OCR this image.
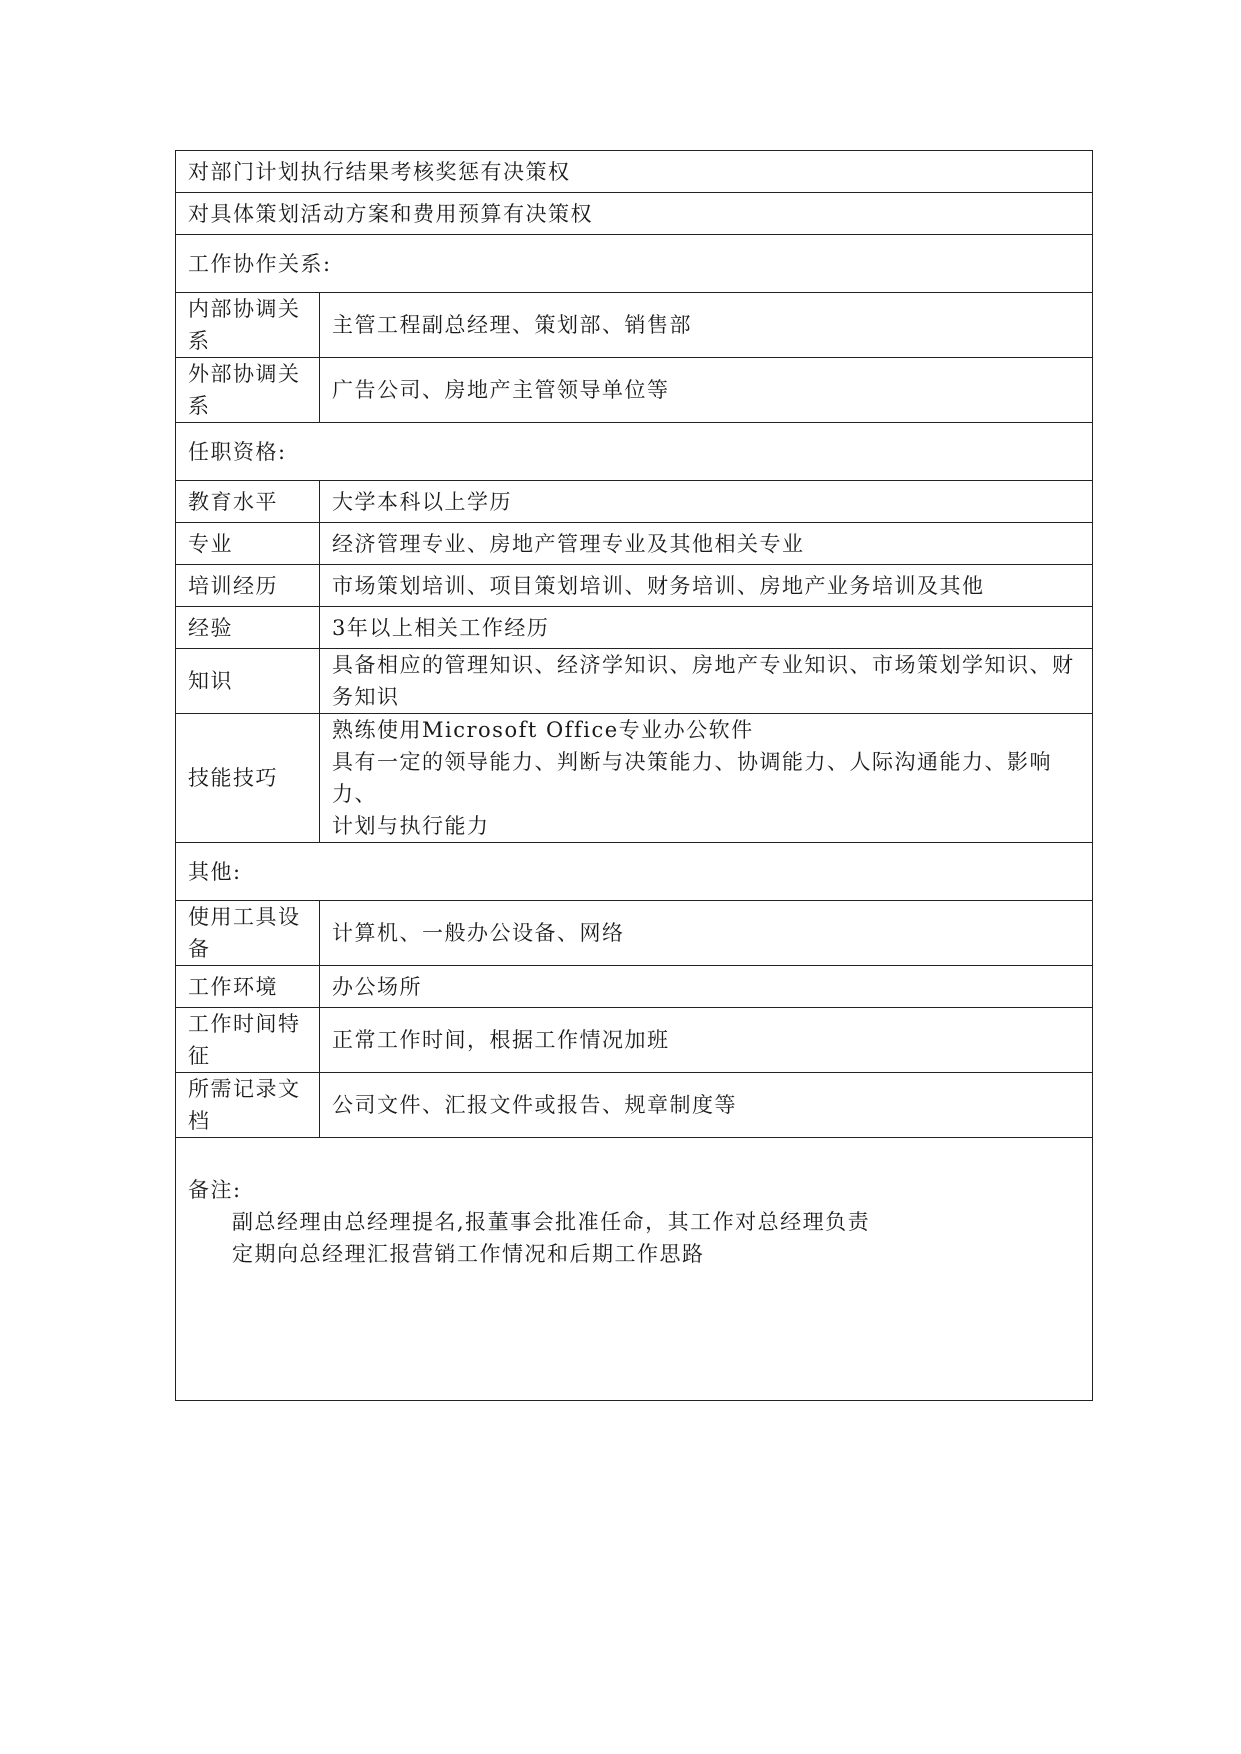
对部门计划执行结果考核奖惩有决策权	
对具体策划活动方案和费用预算有决策权	
工作协作关系:	
内部协调关系	主管工程副总经理、策划部、销售部
外部协调关系	广告公司、房地产主管领导单位等
任职资格:	
教育水平	大学本科以上学历
专业	经济管理专业、房地产管理专业及其他相关专业
培训经历	市场策划培训、项目策划培训、财务培训、房地产业务培训及其他
经验	3年以上相关工作经历
知识	具备相应的管理知识、经济学知识、房地产专业知识、市场策划学知识、财
务知识

技能技巧	熟练使用Microsoft Office专业办公软件
具有一定的领导能力、判断与决策能力、协调能力、人际沟通能力、影响力、
计划与执行能力

其他:	
使用工具设备	计算机、一般办公设备、网络
工作环境	办公场所
工作时间特征	正常工作时间，根据工作情况加班
所需记录文档	公司文件、汇报文件或报告、规章制度等

备注:
副总经理由总经理提名,报董事会批准任命，其工作对总经理负责
定期向总经理汇报营销工作情况和后期工作思路	
